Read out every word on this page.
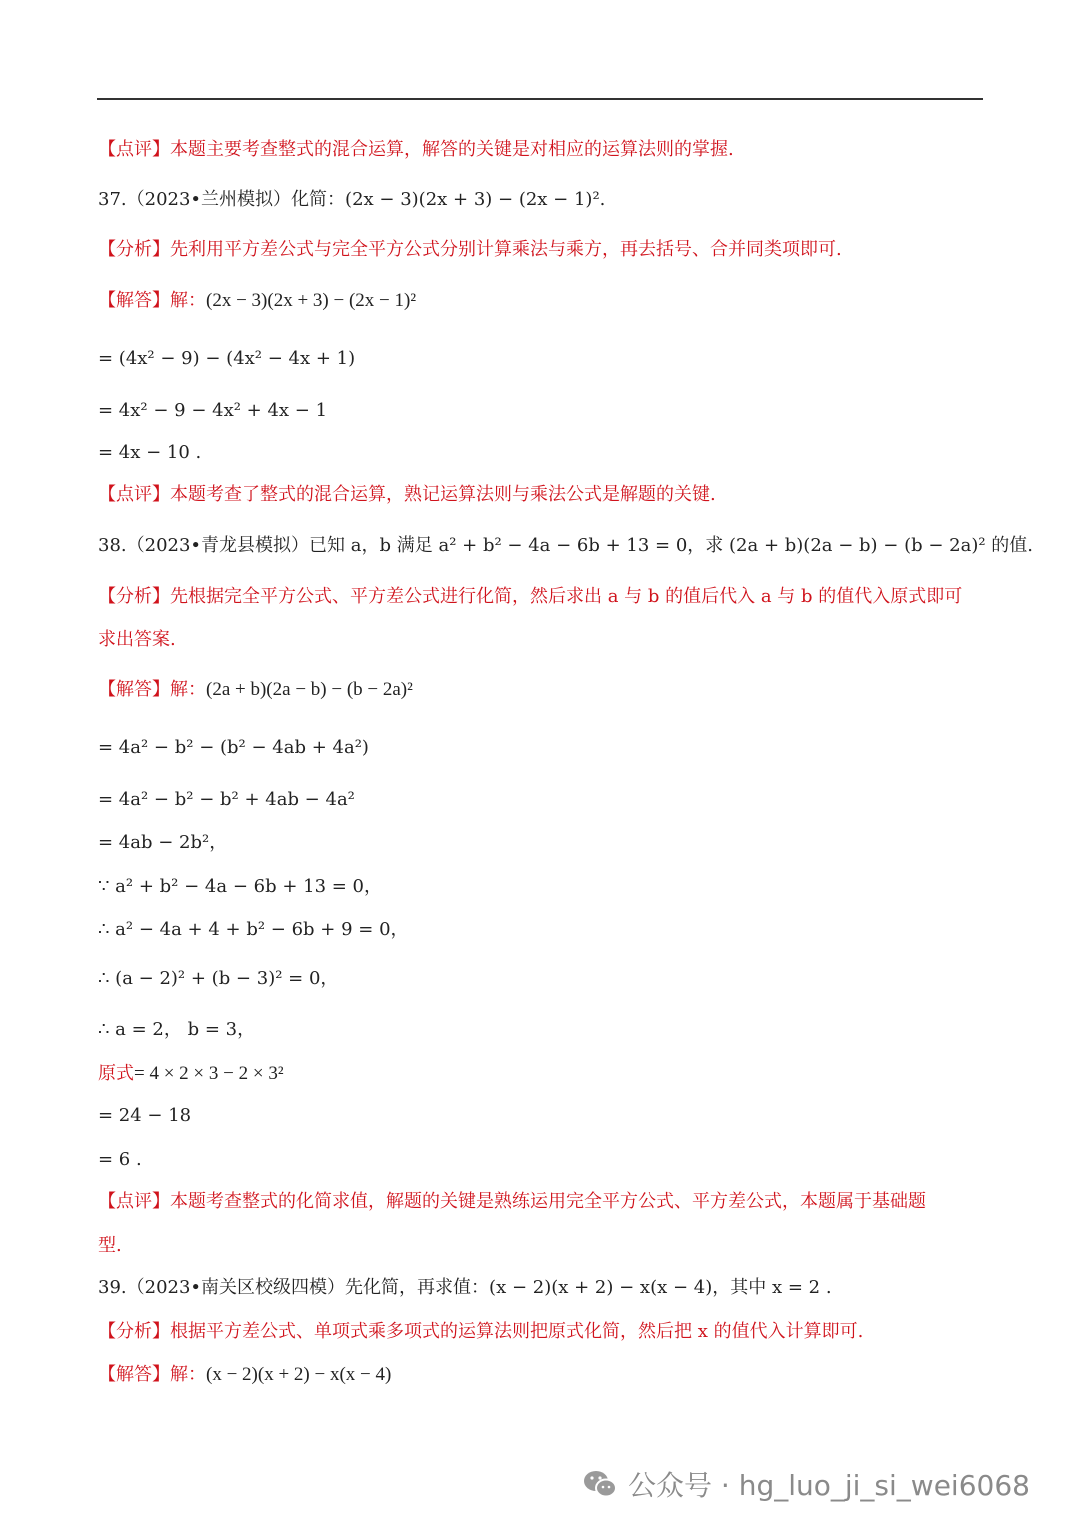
【点评】本题主要考查整式的混合运算，解答的关键是对相应的运算法则的掌握.
37.（2023•兰州模拟）化简：(2x − 3)(2x + 3) − (2x − 1)².
【分析】先利用平方差公式与完全平方公式分别计算乘法与乘方，再去括号、合并同类项即可.
【解答】解：(2x − 3)(2x + 3) − (2x − 1)²
= (4x² − 9) − (4x² − 4x + 1)
= 4x² − 9 − 4x² + 4x − 1
= 4x − 10 .
【点评】本题考查了整式的混合运算，熟记运算法则与乘法公式是解题的关键.
38.（2023•青龙县模拟）已知 a，b 满足 a² + b² − 4a − 6b + 13 = 0，求 (2a + b)(2a − b) − (b − 2a)² 的值.
【分析】先根据完全平方公式、平方差公式进行化简，然后求出 a 与 b 的值后代入 a 与 b 的值代入原式即可
求出答案.
【解答】解：(2a + b)(2a − b) − (b − 2a)²
= 4a² − b² − (b² − 4ab + 4a²)
= 4a² − b² − b² + 4ab − 4a²
= 4ab − 2b²，
∵ a² + b² − 4a − 6b + 13 = 0，
∴ a² − 4a + 4 + b² − 6b + 9 = 0，
∴ (a − 2)² + (b − 3)² = 0，
∴ a = 2， b = 3，
原式= 4 × 2 × 3 − 2 × 3²
= 24 − 18
= 6 .
【点评】本题考查整式的化简求值，解题的关键是熟练运用完全平方公式、平方差公式，本题属于基础题
型.
39.（2023•南关区校级四模）先化简，再求值：(x − 2)(x + 2) − x(x − 4)，其中 x = 2 .
【分析】根据平方差公式、单项式乘多项式的运算法则把原式化简，然后把 x 的值代入计算即可.
【解答】解：(x − 2)(x + 2) − x(x − 4)
公众号 · hg_luo_ji_si_wei6068
